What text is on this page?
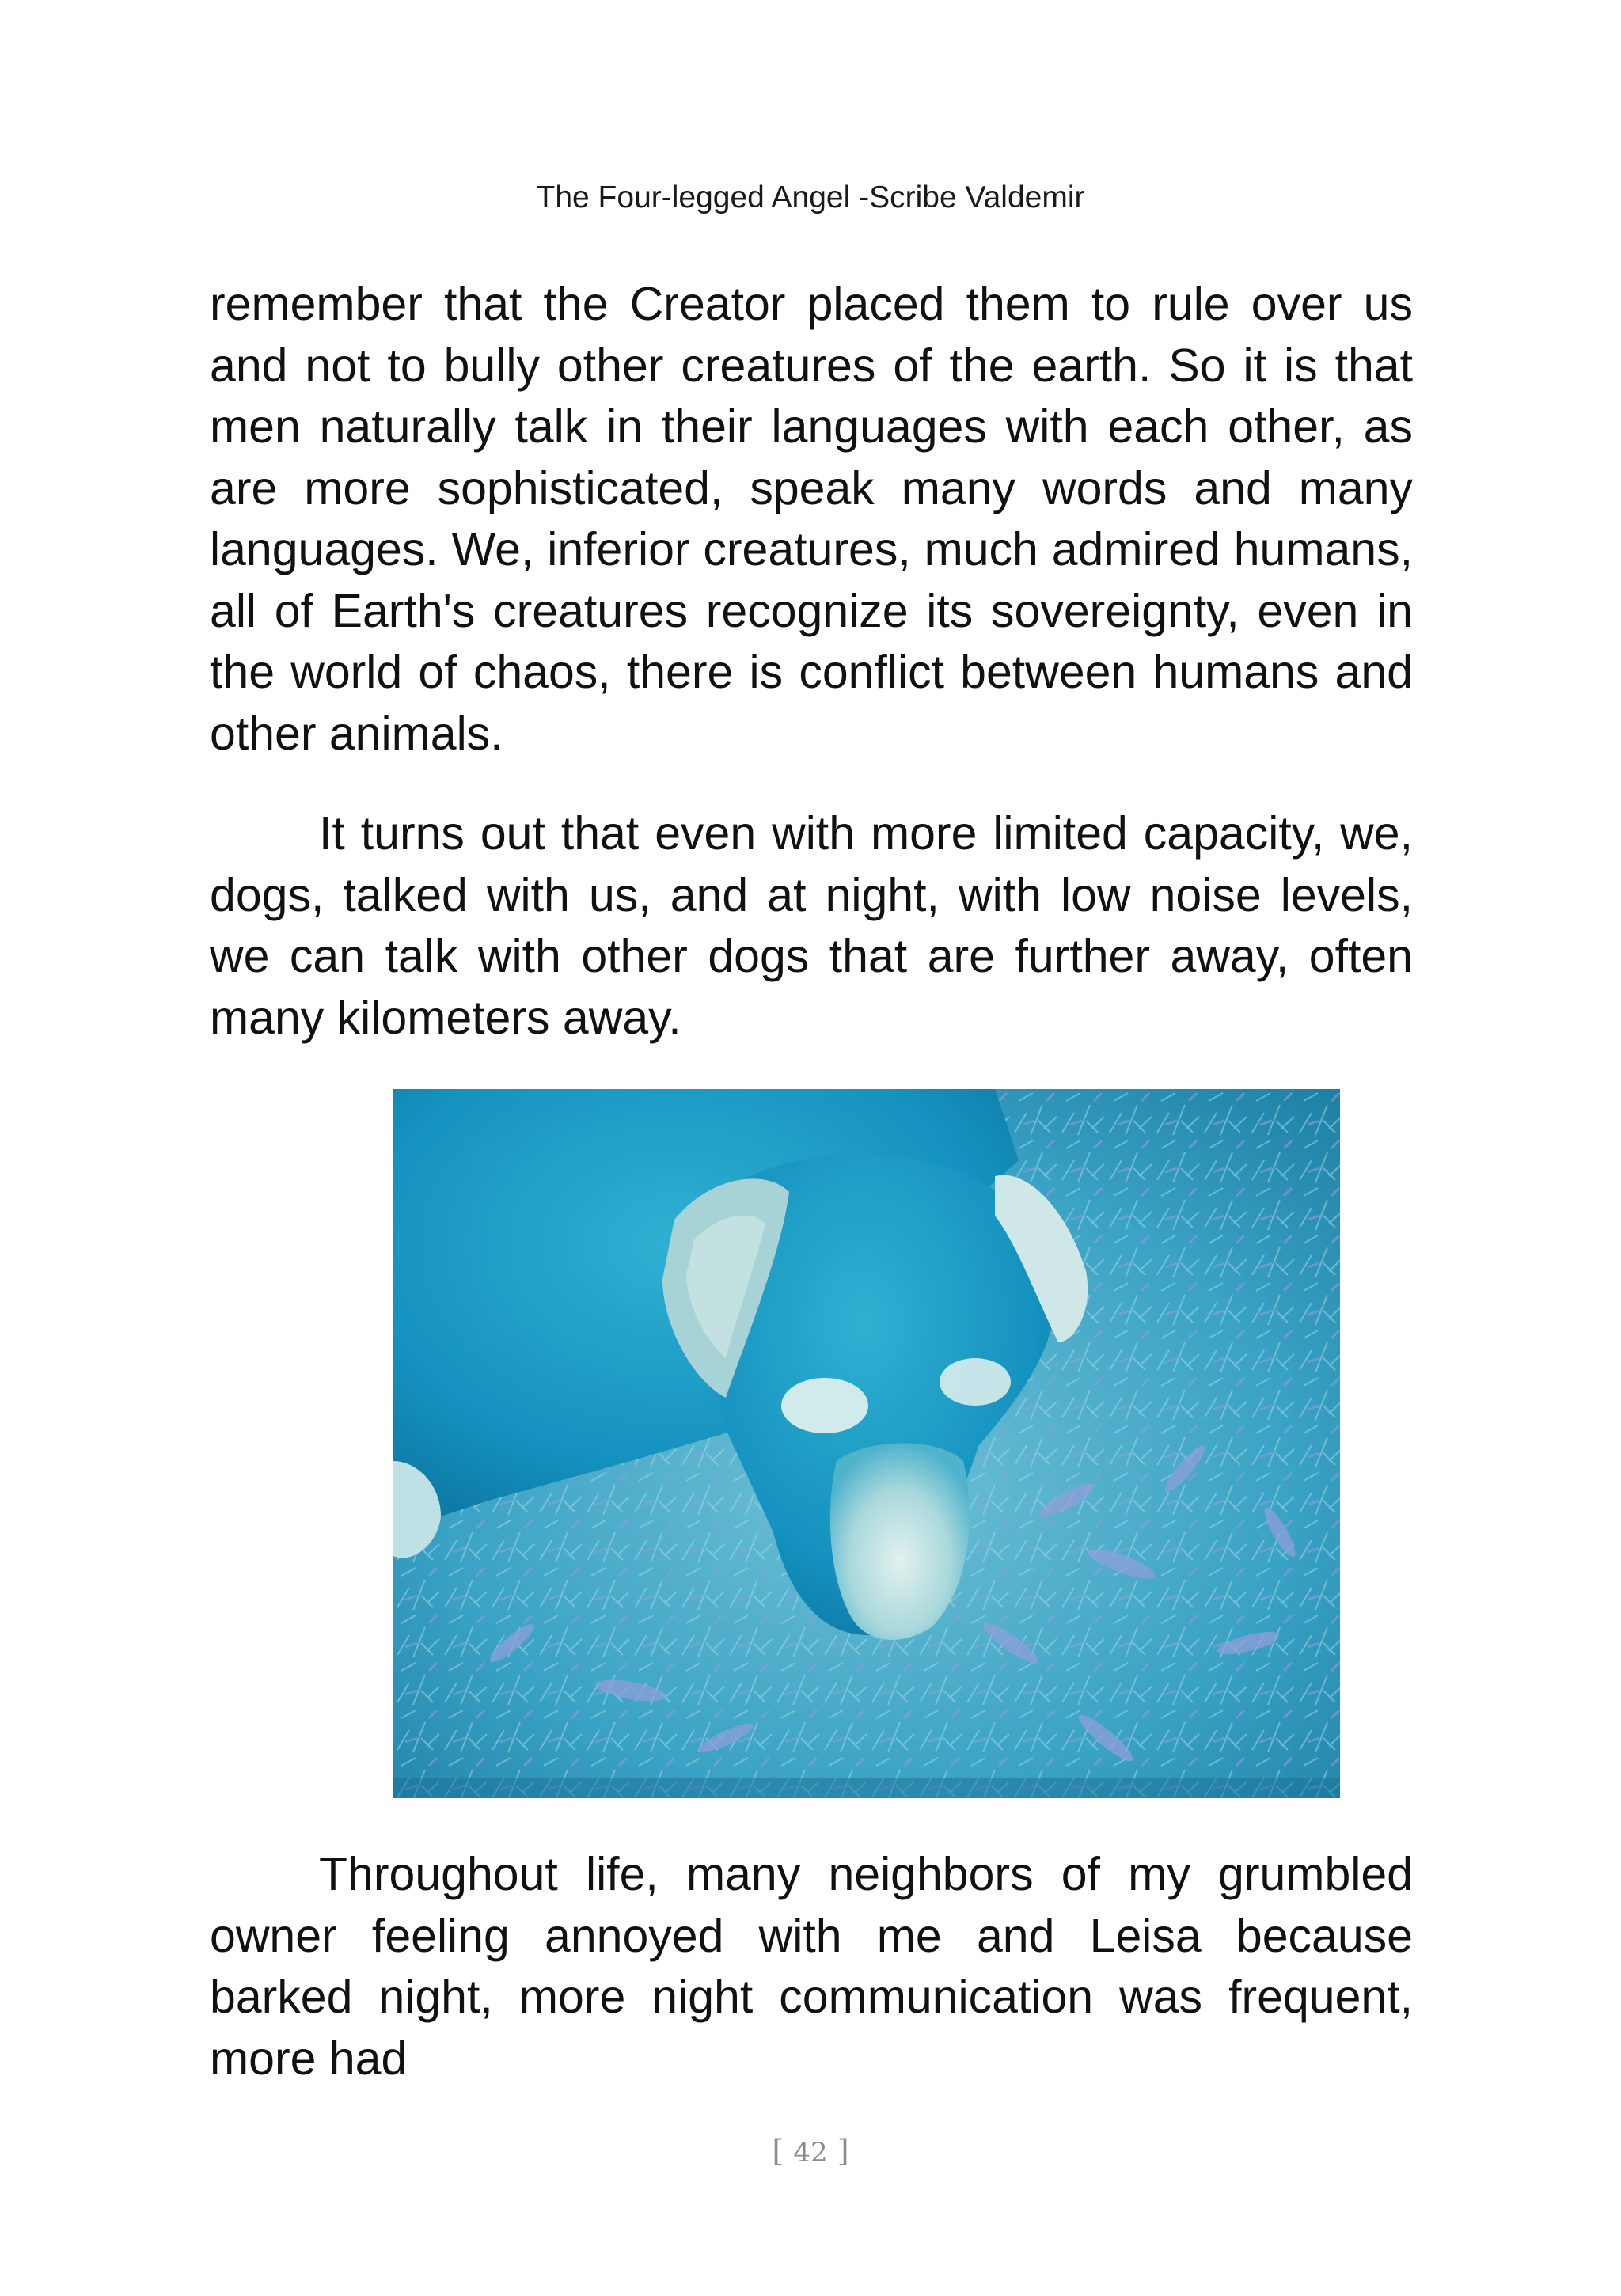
The Four-legged Angel -Scribe Valdemir

remember that the Creator placed them to rule over us and not to bully other creatures of the earth. So it is that men naturally talk in their languages with each other, as are more sophisticated, speak many words and many languages. We, inferior creatures, much admired humans, all of Earth's creatures recognize its sovereignty, even in the world of chaos, there is conflict between humans and other animals.

It turns out that even with more limited capacity, we, dogs, talked with us, and at night, with low noise levels, we can talk with other dogs that are further away, often many kilometers away.

Throughout life, many neighbors of my grumbled owner feeling annoyed with me and Leisa because barked night, more night communication was frequent, more had

[ 42 ]
